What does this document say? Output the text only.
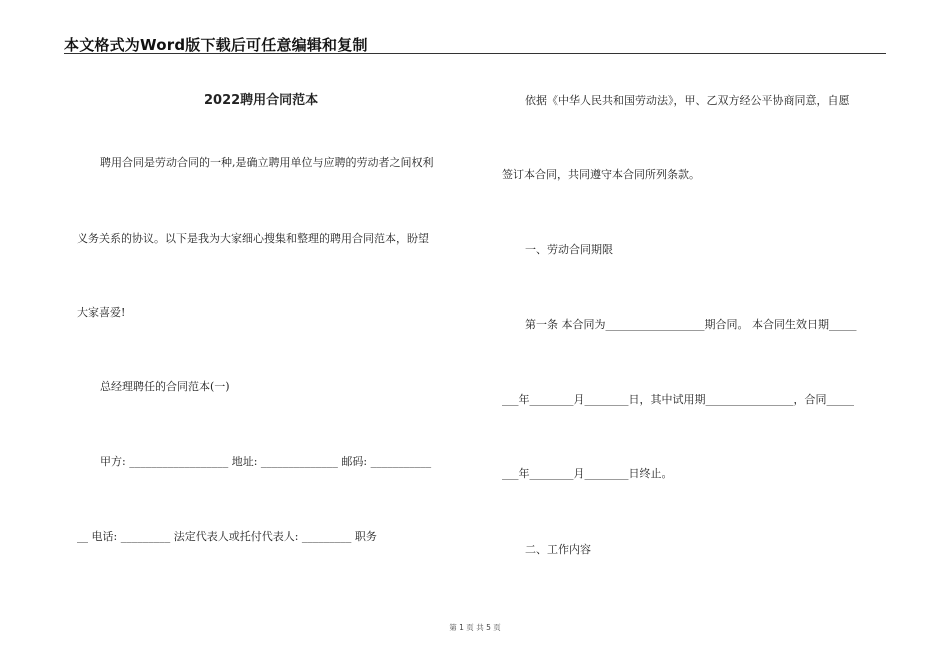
本文格式为Word版下载后可任意编辑和复制
2022聘用合同范本
聘用合同是劳动合同的一种,是确立聘用单位与应聘的劳动者之间权利
义务关系的协议。以下是我为大家细心搜集和整理的聘用合同范本，盼望
大家喜爱!
总经理聘任的合同范本(一)
甲方: __________________ 地址: ______________ 邮码: ___________
__ 电话: _________ 法定代表人或托付代表人: _________ 职务
依据《中华人民共和国劳动法》，甲、乙双方经公平协商同意，自愿
签订本合同，共同遵守本合同所列条款。
一、劳动合同期限
第一条 本合同为__________________期合同。 本合同生效日期_____
___年________月________日，其中试用期________________，合同_____
___年________月________日终止。
二、工作内容
第 1 页 共 5 页
